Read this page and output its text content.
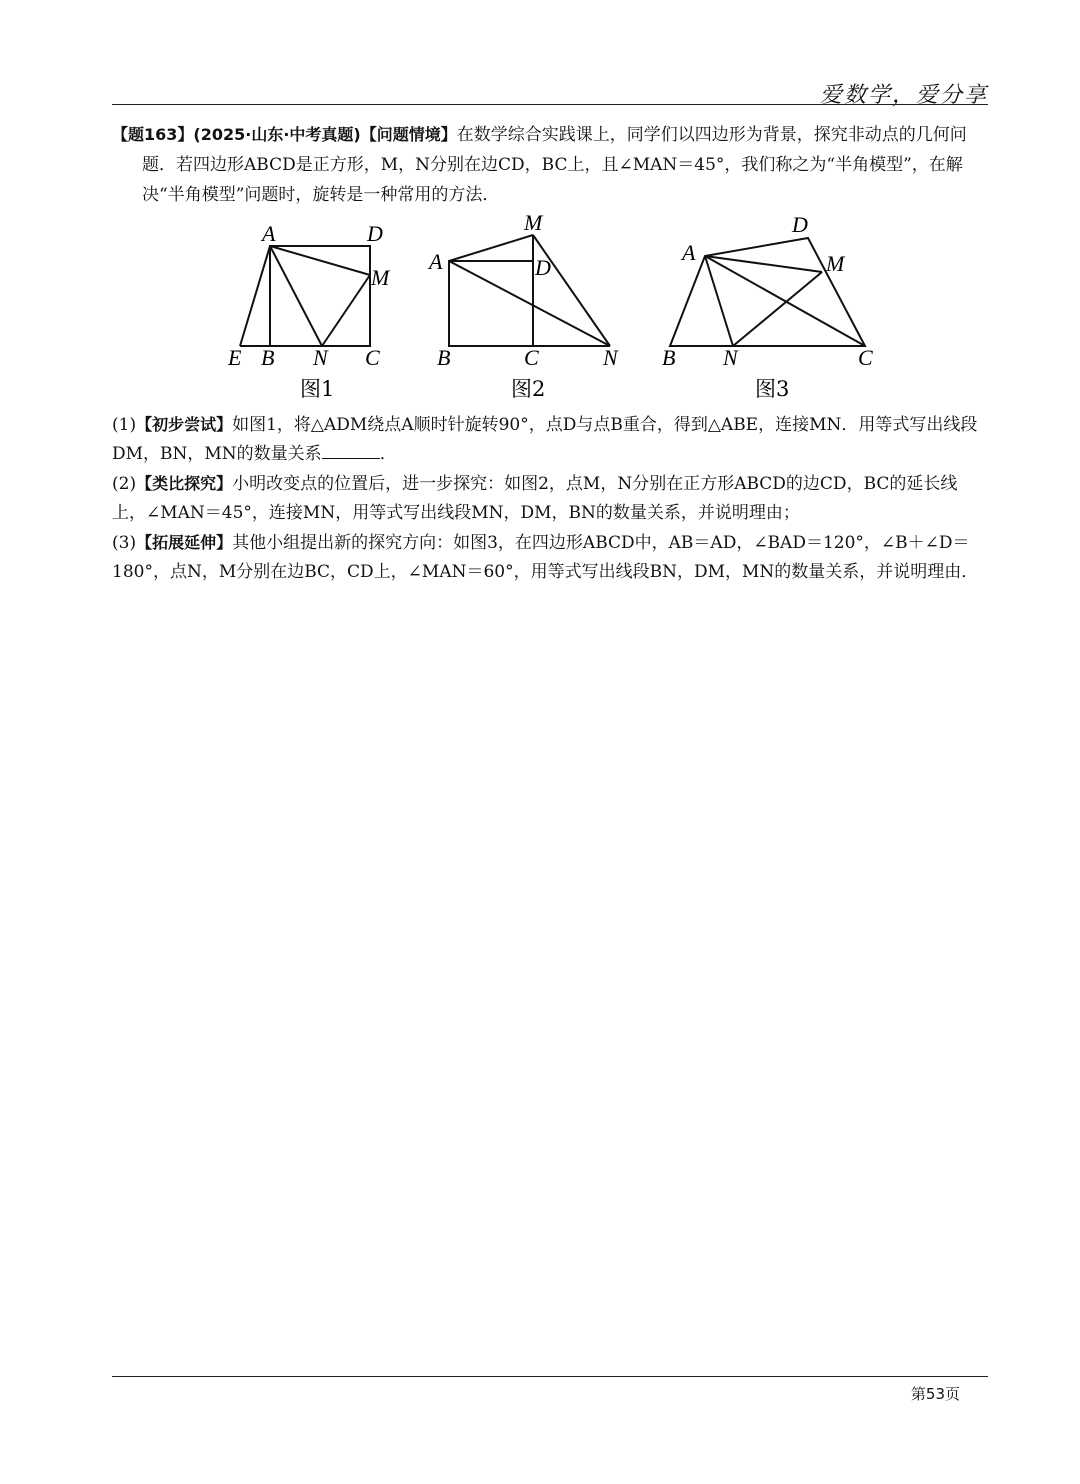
爱数学，爱分享
【题163】(2025·山东·中考真题)【问题情境】在数学综合实践课上，同学们以四边形为背景，探究非动点的几何问题．若四边形ABCD是正方形，M，N分别在边CD，BC上，且∠MAN＝45°，我们称之为“半角模型”，在解决“半角模型”问题时，旋转是一种常用的方法．
A	D
M
E B N C
图1
A	D
M
B	C	N
图2
A
D
M
B N	C
图3

(1)【初步尝试】如图1，将△ADM绕点A顺时针旋转90°，点D与点B重合，得到△ABE，连接MN．用等式写出线段DM，BN，MN的数量关系	．

(2)【类比探究】小明改变点的位置后，进一步探究：如图2，点M，N分别在正方形ABCD的边CD，BC的延长线上，∠MAN＝45°，连接MN，用等式写出线段MN，DM，BN的数量关系，并说明理由；

(3)【拓展延伸】其他小组提出新的探究方向：如图3，在四边形ABCD中，AB＝AD，∠BAD＝120°，∠B＋∠D＝180°，点N，M分别在边BC，CD上，∠MAN＝60°，用等式写出线段BN，DM，MN的数量关系，并说明理由．

第53页
